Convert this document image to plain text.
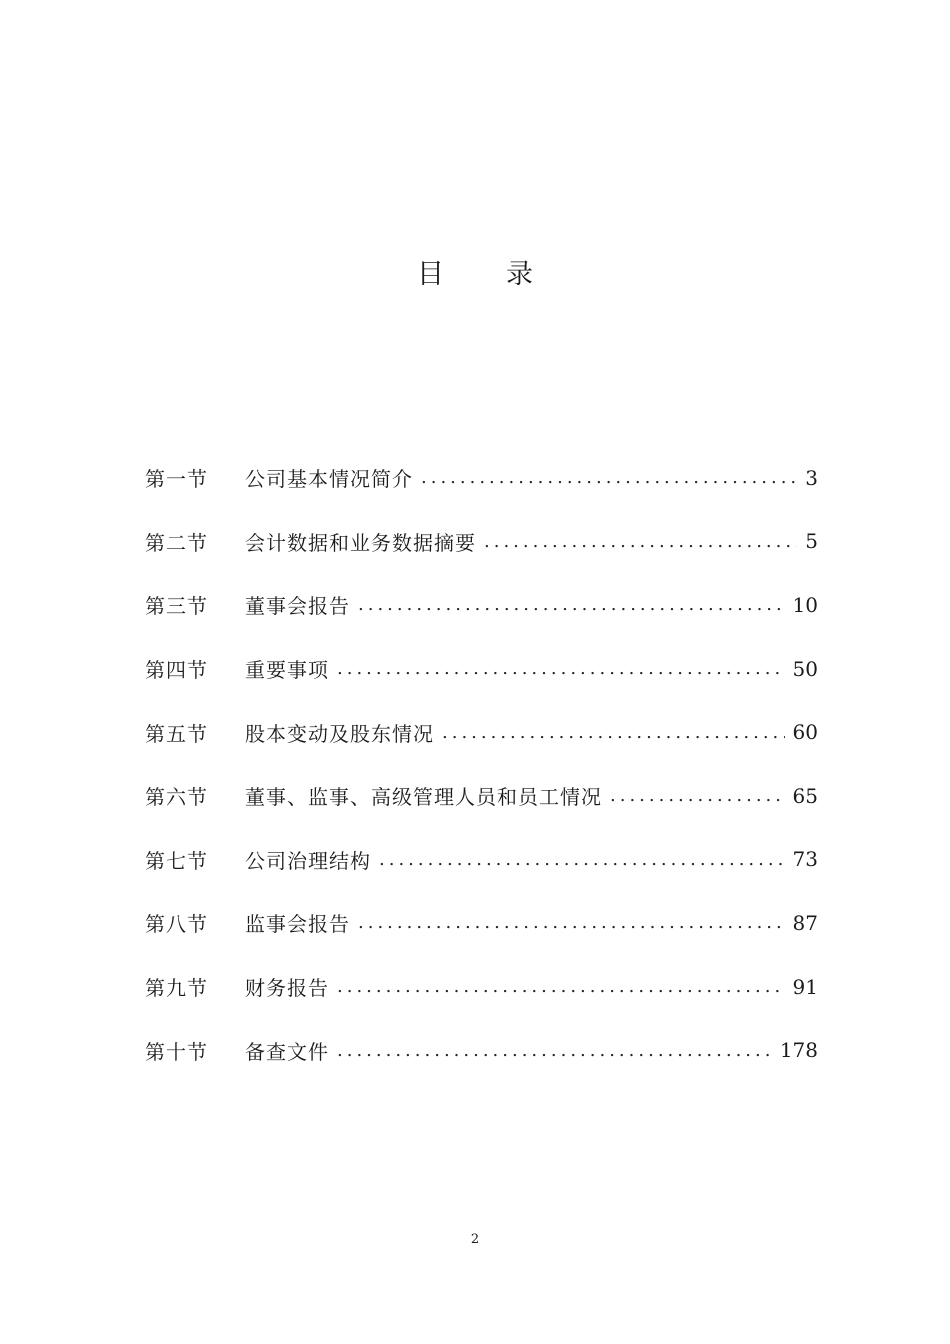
目 录
第一节	公司基本情况简介 .....	3
第二节	会计数据和业务数据摘要 .....	5
第三节	董事会报告 .....	10
第四节	重要事项 .....	50
第五节	股本变动及股东情况 .....	60
第六节	董事、监事、高级管理人员和员工情况 .....	65
第七节	公司治理结构 .....	73
第八节	监事会报告 .....	87
第九节	财务报告 .....	91
第十节	备查文件 .....	178
2
